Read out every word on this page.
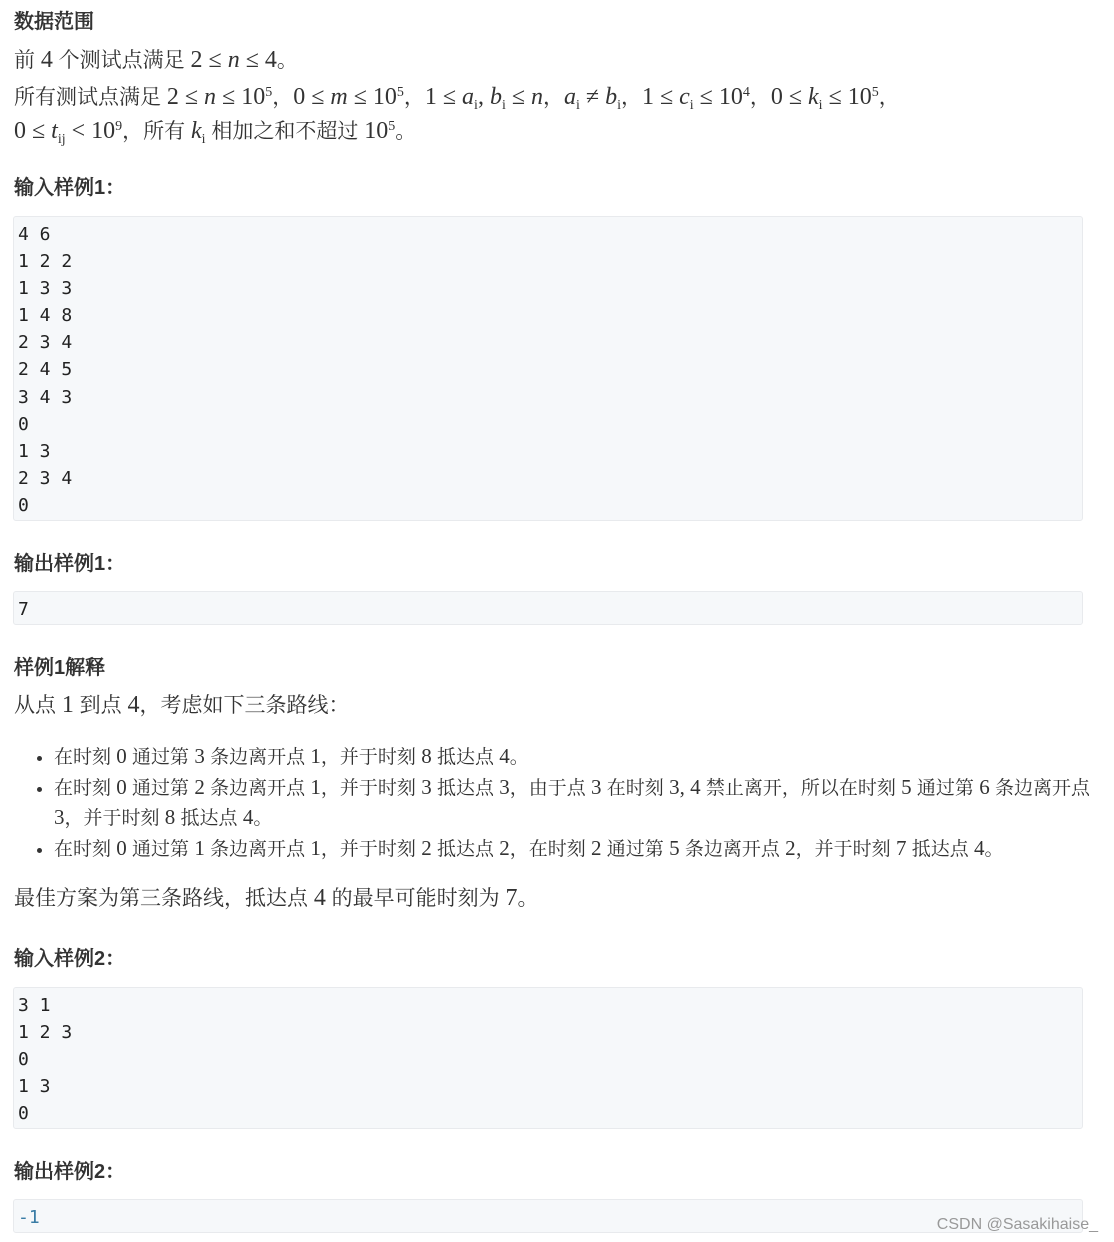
数据范围
前 4 个测试点满足 2 ≤ n ≤ 4。
所有测试点满足 $2 \le n \le 10^5$，$0 \le m \le 10^5$，$1 \le a_i$, $b_i \le n$，$a_i \ne b_i$，$1 \le c_i \le 10^4$，$0 \le k_i \le 10^5$，
$0 \le t_{ij} < 10^9$，所有 $k_i$ 相加之和不超过 $10^5$。
输入样例1：
4 6
1 2 2
1 3 3
1 4 8
2 3 4
2 4 5
3 4 3
0
1 3
2 3 4
0
输出样例1：
7
样例1解释
从点 1 到点 4，考虑如下三条路线：
• 在时刻 0 通过第 3 条边离开点 1，并于时刻 8 抵达点 4。
• 在时刻 0 通过第 2 条边离开点 1，并于时刻 3 抵达点 3，由于点 3 在时刻 3, 4 禁止离开，所以在时刻 5 通过第 6 条边离开点 3，并于时刻 8 抵达点 4。
• 在时刻 0 通过第 1 条边离开点 1，并于时刻 2 抵达点 2，在时刻 2 通过第 5 条边离开点 2，并于时刻 7 抵达点 4。
最佳方案为第三条路线，抵达点 4 的最早可能时刻为 7。
输入样例2：
3 1
1 2 3
0
1 3
0
输出样例2：
-1	CSDN @Sasakihaise_
